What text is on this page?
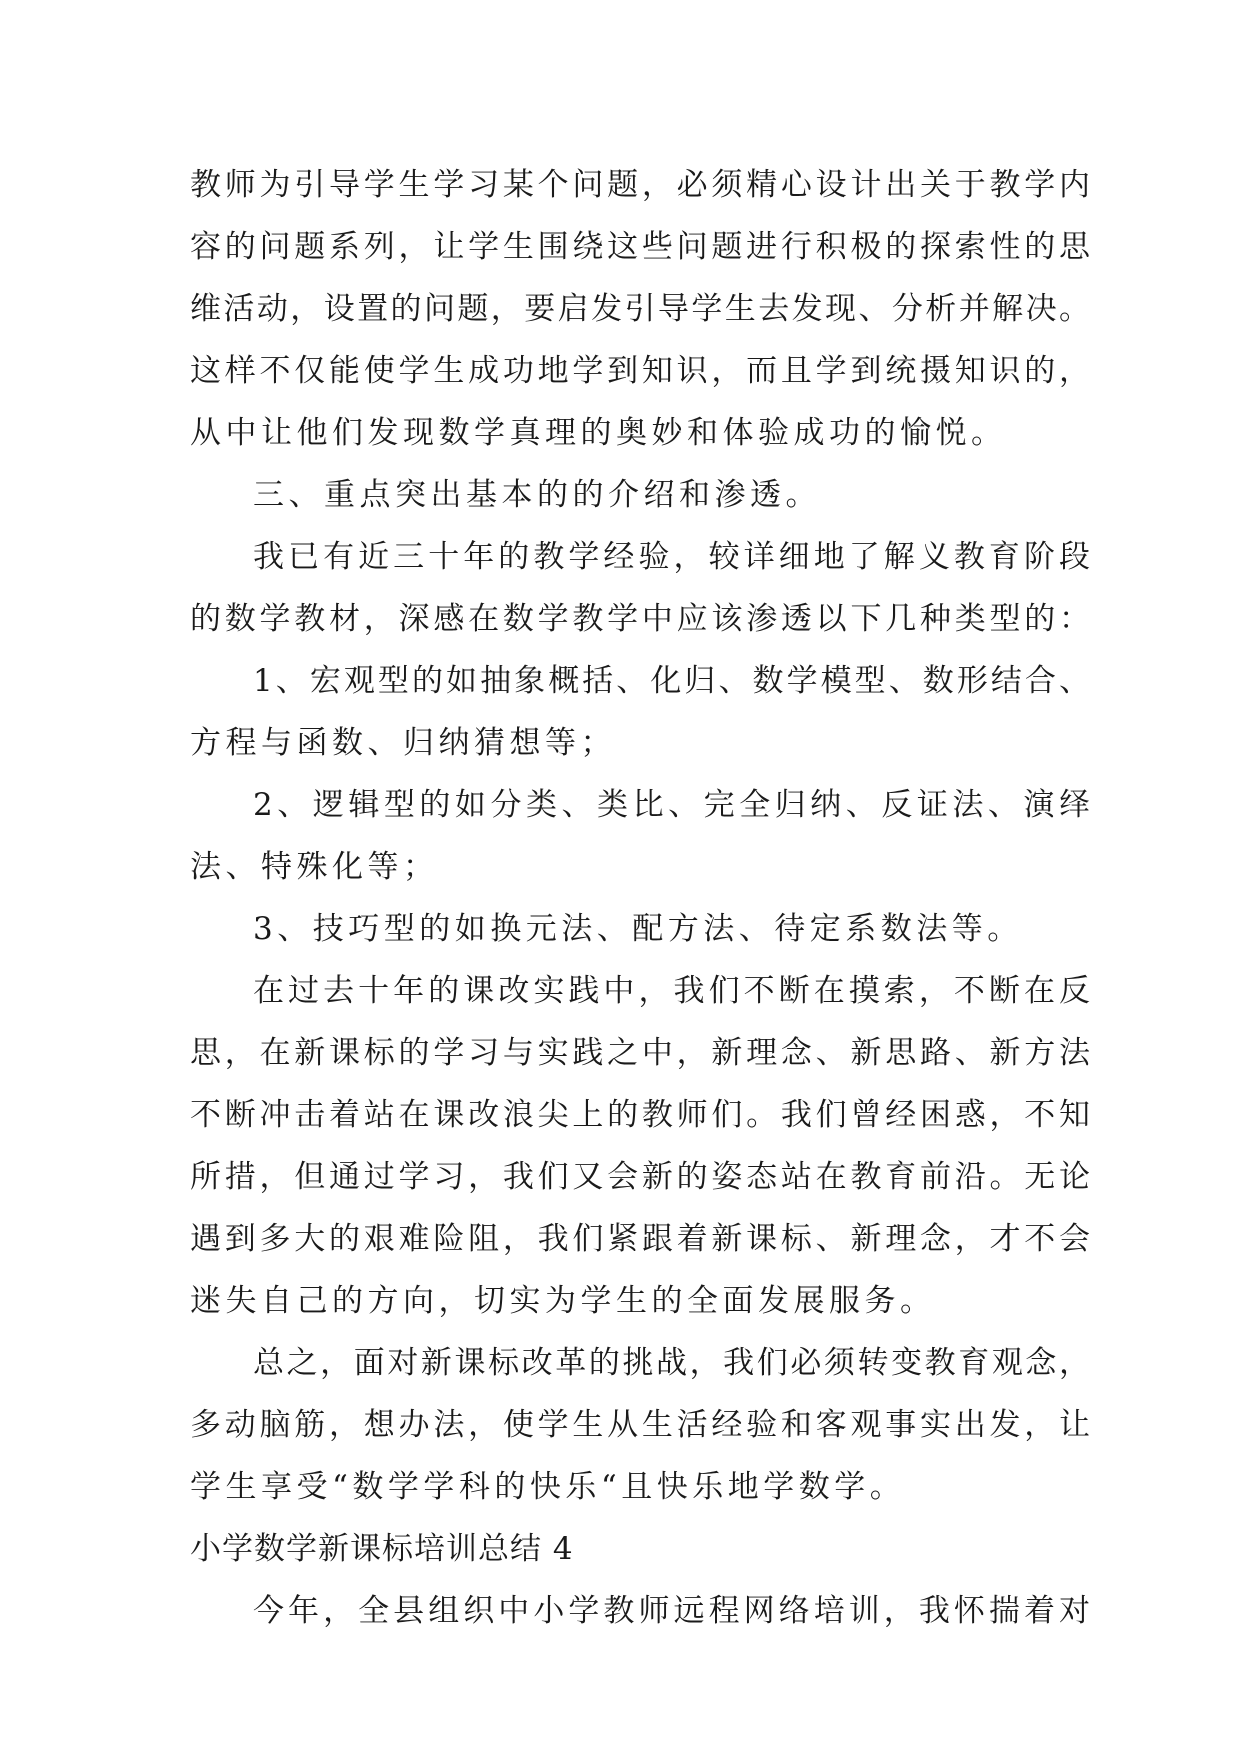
教师为引导学生学习某个问题，必须精心设计出关于教学内
容的问题系列，让学生围绕这些问题进行积极的探索性的思
维活动，设置的问题，要启发引导学生去发现、分析并解决。
这样不仅能使学生成功地学到知识，而且学到统摄知识的，
从中让他们发现数学真理的奥妙和体验成功的愉悦。
三、重点突出基本的的介绍和渗透。
我已有近三十年的教学经验，较详细地了解义教育阶段
的数学教材，深感在数学教学中应该渗透以下几种类型的：
1、宏观型的如抽象概括、化归、数学模型、数形结合、
方程与函数、归纳猜想等；
2、逻辑型的如分类、类比、完全归纳、反证法、演绎
法、特殊化等；
3、技巧型的如换元法、配方法、待定系数法等。
在过去十年的课改实践中，我们不断在摸索，不断在反
思，在新课标的学习与实践之中，新理念、新思路、新方法
不断冲击着站在课改浪尖上的教师们。我们曾经困惑，不知
所措，但通过学习，我们又会新的姿态站在教育前沿。无论
遇到多大的艰难险阻，我们紧跟着新课标、新理念，才不会
迷失自己的方向，切实为学生的全面发展服务。
总之，面对新课标改革的挑战，我们必须转变教育观念，
多动脑筋，想办法，使学生从生活经验和客观事实出发，让
学生享受“数学学科的快乐“且快乐地学数学。
小学数学新课标培训总结 4
今年，全县组织中小学教师远程网络培训，我怀揣着对
